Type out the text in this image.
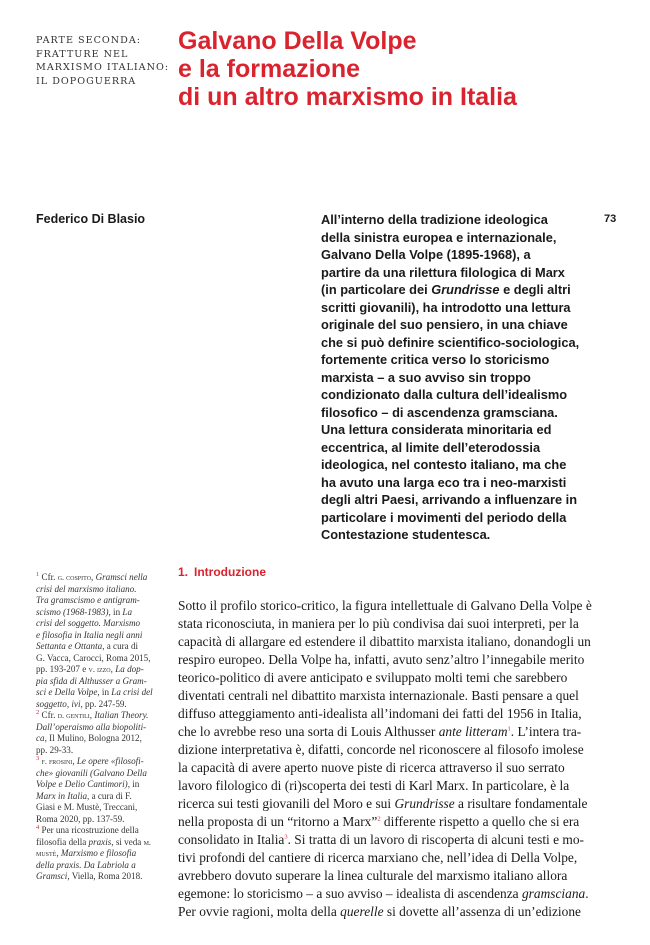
PARTE SECONDA:
FRATTURE NEL
MARXISMO ITALIANO:
IL DOPOGUERRA
Galvano Della Volpe
e la formazione
di un altro marxismo in Italia
Federico Di Blasio	73
All’interno della tradizione ideologica
della sinistra europea e internazionale,
Galvano Della Volpe (1895-1968), a
partire da una rilettura filologica di Marx
(in particolare dei Grundrisse e degli altri
scritti giovanili), ha introdotto una lettura
originale del suo pensiero, in una chiave
che si può definire scientifico-sociologica,
fortemente critica verso lo storicismo
marxista – a suo avviso sin troppo
condizionato dalla cultura dell’idealismo
filosofico – di ascendenza gramsciana.
Una lettura considerata minoritaria ed
eccentrica, al limite dell’eterodossia
ideologica, nel contesto italiano, ma che
ha avuto una larga eco tra i neo-marxisti
degli altri Paesi, arrivando a influenzare in
particolare i movimenti del periodo della
Contestazione studentesca.
1. Introduzione
$^1$ Cfr. g. cospito, Gramsci nella
crisi del marxismo italiano.
Tra gramscismo e antigram-
scismo (1968-1983), in La
crisi del soggetto. Marxismo
e filosofia in Italia negli anni
Settanta e Ottanta, a cura di
G. Vacca, Carocci, Roma 2015,
pp. 193-207 e v. izzo, La dop-
pia sfida di Althusser a Gram-
sci e Della Volpe, in La crisi del
soggetto, ivi, pp. 247-59.
$^2$ Cfr. d. gentili, Italian Theory.
Dall’operaismo alla biopoliti-
ca, Il Mulino, Bologna 2012,
pp. 29-33.
$^3$ f. frosini, Le opere «filosofi-
che» giovanili (Galvano Della
Volpe e Delio Cantimori), in
Marx in Italia, a cura di F.
Giasi e M. Mustè, Treccani,
Roma 2020, pp. 137-59.
$^4$ Per una ricostruzione della
filosofia della praxis, si veda m.
mustè, Marxismo e filosofia
della praxis. Da Labriola a
Gramsci, Viella, Roma 2018.
Sotto il profilo storico-critico, la figura intellettuale di Galvano Della Volpe è
stata riconosciuta, in maniera per lo più condivisa dai suoi interpreti, per la
capacità di allargare ed estendere il dibattito marxista italiano, donandogli un
respiro europeo. Della Volpe ha, infatti, avuto senz’altro l’innegabile merito
teorico-politico di avere anticipato e sviluppato molti temi che sarebbero
diventati centrali nel dibattito marxista internazionale. Basti pensare a quel
diffuso atteggiamento anti-idealista all’indomani dei fatti del 1956 in Italia,
che lo avrebbe reso una sorta di Louis Althusser ante litteram$^1$. L’intera tra-
dizione interpretativa è, difatti, concorde nel riconoscere al filosofo imolese
la capacità di avere aperto nuove piste di ricerca attraverso il suo serrato
lavoro filologico di (ri)scoperta dei testi di Karl Marx. In particolare, è la
ricerca sui testi giovanili del Moro e sui Grundrisse a risultare fondamentale
nella proposta di un “ritorno a Marx”$^2$ differente rispetto a quello che si era
consolidato in Italia$^3$. Si tratta di un lavoro di riscoperta di alcuni testi e mo-
tivi profondi del cantiere di ricerca marxiano che, nell’idea di Della Volpe,
avrebbero dovuto superare la linea culturale del marxismo italiano allora
egemone: lo storicismo – a suo avviso – idealista di ascendenza gramsciana.
Per ovvie ragioni, molta della querelle si dovette all’assenza di un’edizione
